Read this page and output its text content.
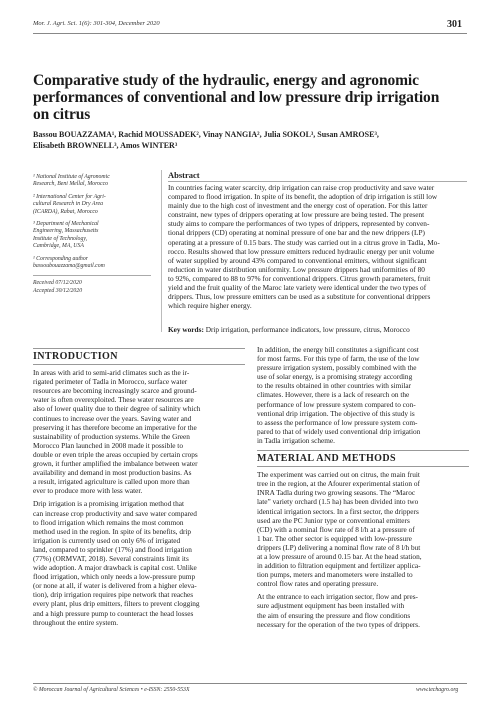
Mor. J. Agri. Sci. 1(6): 301-304, December 2020	301
Comparative study of the hydraulic, energy and agronomic
performances of conventional and low pressure drip irrigation
on citrus
Bassou BOUAZZAMA¹, Rachid MOUSSADEK², Vinay NANGIA², Julia SOKOL³, Susan AMROSE³,
Elisabeth BROWNELL³, Amos WINTER³
¹ National Institute of Agronomic
Research, Beni Mellal, Morocco
² International Center for Agri-
cultural Research in Dry Area
(ICARDA), Rabat, Morocco
³ Department of Mechanical
Engineering, Massachusetts
Institute of Technology,
Cambridge, MA, USA
¹ Corresponding author
bassoubouazzama@gmail.com
Received 07/12/2020
Accepted 30/12/2020
Abstract
In countries facing water scarcity, drip irrigation can raise crop productivity and save water
compared to flood irrigation. In spite of its benefit, the adoption of drip irrigation is still low
mainly due to the high cost of investment and the energy cost of operation. For this latter
constraint, new types of drippers operating at low pressure are being tested. The present
study aims to compare the performances of two types of drippers, represented by conven-
tional drippers (CD) operating at nominal pressure of one bar and the new drippers (LP)
operating at a pressure of 0.15 bars. The study was carried out in a citrus grove in Tadla, Mo-
rocco. Results showed that low pressure emitters reduced hydraulic energy per unit volume
of water supplied by around 43% compared to conventional emitters, without significant
reduction in water distribution uniformity. Low pressure drippers had uniformities of 80
to 92%, compared to 88 to 97% for conventional drippers. Citrus growth parameters, fruit
yield and the fruit quality of the Maroc late variety were identical under the two types of
drippers. Thus, low pressure emitters can be used as a substitute for conventional drippers
which require higher energy.
Key words: Drip irrigation, performance indicators, low pressure, citrus, Morocco
INTRODUCTION
In areas with arid to semi-arid climates such as the ir-
rigated perimeter of Tadla in Morocco, surface water
resources are becoming increasingly scarce and ground-
water is often overexploited. These water resources are
also of lower quality due to their degree of salinity which
continues to increase over the years. Saving water and
preserving it has therefore become an imperative for the
sustainability of production systems. While the Green
Morocco Plan launched in 2008 made it possible to
double or even triple the areas occupied by certain crops
grown, it further amplified the imbalance between water
availability and demand in most production basins. As
a result, irrigated agriculture is called upon more than
ever to produce more with less water.
Drip irrigation is a promising irrigation method that
can increase crop productivity and save water compared
to flood irrigation which remains the most common
method used in the region. In spite of its benefits, drip
irrigation is currently used on only 6% of irrigated
land, compared to sprinkler (17%) and flood irrigation
(77%) (ORMVAT, 2018). Several constraints limit its
wide adoption. A major drawback is capital cost. Unlike
flood irrigation, which only needs a low-pressure pump
(or none at all, if water is delivered from a higher eleva-
tion), drip irrigation requires pipe network that reaches
every plant, plus drip emitters, filters to prevent clogging
and a high pressure pump to counteract the head losses
throughout the entire system.
In addition, the energy bill constitutes a significant cost
for most farms. For this type of farm, the use of the low
pressure irrigation system, possibly combined with the
use of solar energy, is a promising strategy according
to the results obtained in other countries with similar
climates. However, there is a lack of research on the
performance of low pressure system compared to con-
ventional drip irrigation. The objective of this study is
to assess the performance of low pressure system com-
pared to that of widely used conventional drip irrigation
in Tadla irrigation scheme.
MATERIAL AND METHODS
The experiment was carried out on citrus, the main fruit
tree in the region, at the Afourer experimental station of
INRA Tadla during two growing seasons. The “Maroc
late” variety orchard (1.5 ha) has been divided into two
identical irrigation sectors. In a first sector, the drippers
used are the PC Junior type or conventional emitters
(CD) with a nominal flow rate of 8 l/h at a pressure of
1 bar. The other sector is equipped with low-pressure
drippers (LP) delivering a nominal flow rate of 8 l/h but
at a low pressure of around 0.15 bar. At the head station,
in addition to filtration equipment and fertilizer applica-
tion pumps, meters and manometers were installed to
control flow rates and operating pressure.
At the entrance to each irrigation sector, flow and pres-
sure adjustment equipment has been installed with
the aim of ensuring the pressure and flow conditions
necessary for the operation of the two types of drippers.
© Moroccan Journal of Agricultural Sciences • e-ISSN: 2550-553X	www.techagro.org
